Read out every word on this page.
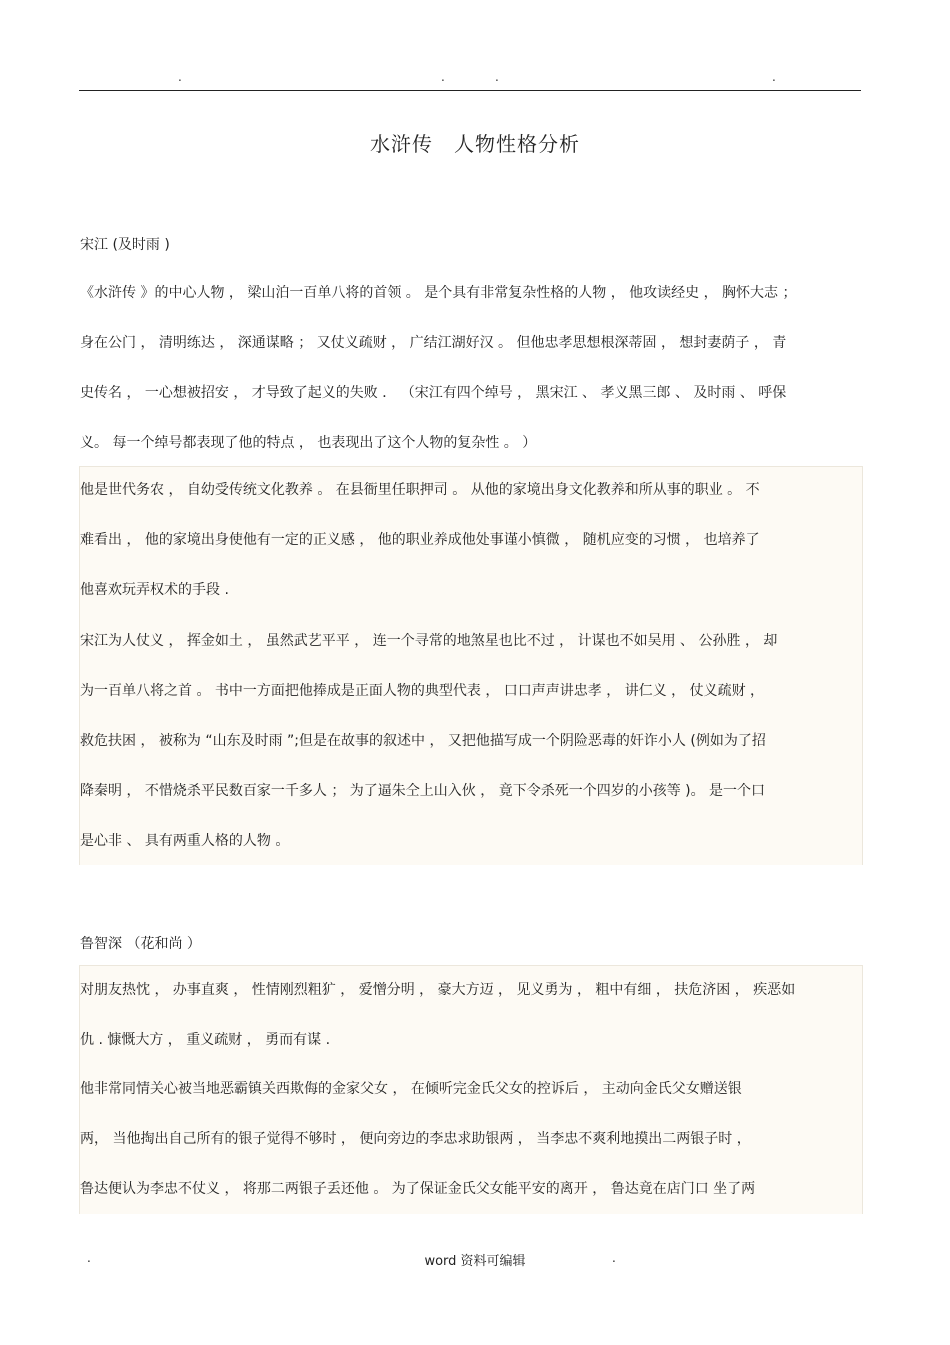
.	.	.	.
水浒传　人物性格分析
宋江 (及时雨 )
《水浒传 》的中心人物 ， 梁山泊一百单八将的首领 。 是个具有非常复杂性格的人物 ， 他攻读经史 ， 胸怀大志 ；
身在公门 ， 清明练达 ， 深通谋略 ； 又仗义疏财 ， 广结江湖好汉 。 但他忠孝思想根深蒂固 ， 想封妻荫子 ， 青
史传名 ， 一心想被招安 ， 才导致了起义的失败 ． （宋江有四个绰号 ， 黑宋江 、 孝义黑三郎 、 及时雨 、 呼保
义。 每一个绰号都表现了他的特点 ， 也表现出了这个人物的复杂性 。 ）
他是世代务农 ， 自幼受传统文化教养 。 在县衙里任职押司 。 从他的家境出身文化教养和所从事的职业 。 不
难看出 ， 他的家境出身使他有一定的正义感 ， 他的职业养成他处事谨小慎微 ， 随机应变的习惯 ， 也培养了
他喜欢玩弄权术的手段 .
宋江为人仗义 ， 挥金如土 ， 虽然武艺平平 ， 连一个寻常的地煞星也比不过 ， 计谋也不如吴用 、 公孙胜 ， 却
为一百单八将之首 。 书中一方面把他捧成是正面人物的典型代表 ， 口口声声讲忠孝 ， 讲仁义 ， 仗义疏财 ，
救危扶困 ， 被称为 “山东及时雨 ”;但是在故事的叙述中 ， 又把他描写成一个阴险恶毒的奸诈小人 (例如为了招
降秦明 ， 不惜烧杀平民数百家一千多人 ； 为了逼朱仝上山入伙 ， 竟下令杀死一个四岁的小孩等 )。 是一个口
是心非 、 具有两重人格的人物 。
鲁智深 （花和尚 ）
对朋友热忱 ， 办事直爽 ， 性情刚烈粗犷 ， 爱憎分明 ， 豪大方迈 ， 见义勇为 ， 粗中有细 ， 扶危济困 ， 疾恶如
仇 . 慷慨大方 ， 重义疏财 ， 勇而有谋 .
他非常同情关心被当地恶霸镇关西欺侮的金家父女 ， 在倾听完金氏父女的控诉后 ， 主动向金氏父女赠送银
两， 当他掏出自己所有的银子觉得不够时 ， 便向旁边的李忠求助银两 ， 当李忠不爽利地摸出二两银子时 ，
鲁达便认为李忠不仗义 ， 将那二两银子丢还他 。 为了保证金氏父女能平安的离开 ， 鲁达竟在店门口 坐了两
.	word 资料可编辑	.
